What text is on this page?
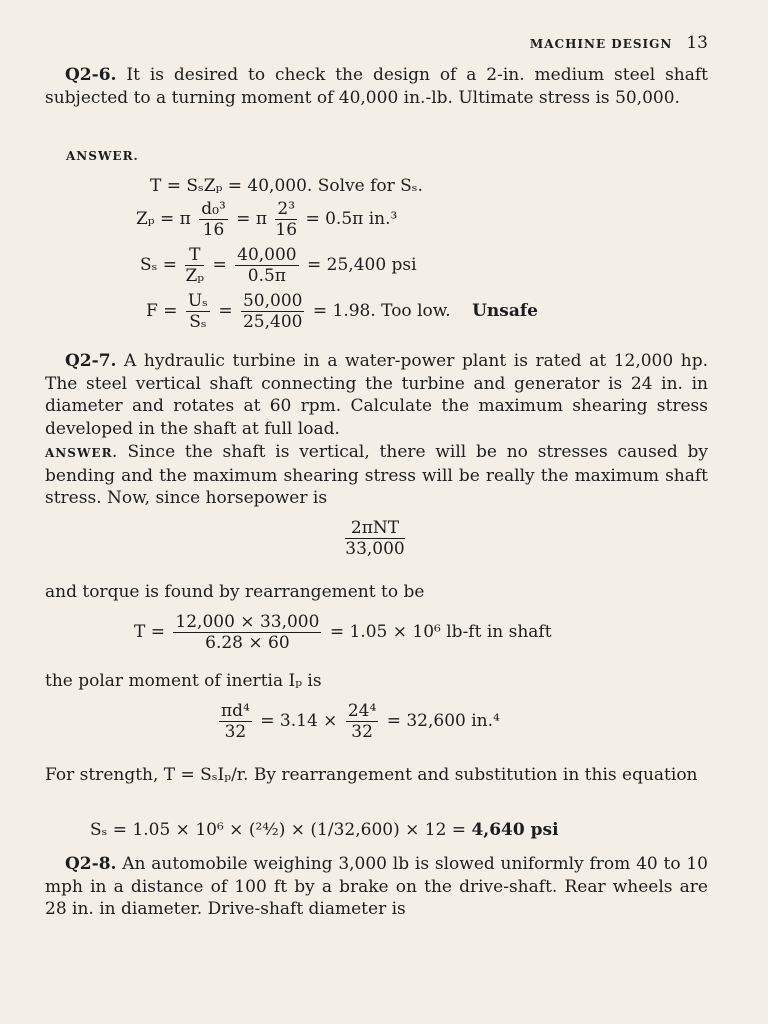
MACHINE DESIGN 13
Q2-6. It is desired to check the design of a 2-in. medium steel shaft subjected to a turning moment of 40,000 in.-lb. Ultimate stress is 50,000.
ANSWER.
T = SₛZₚ = 40,000. Solve for Sₛ.
Zₚ = π $\frac{\text{d₀³}}{16} = \pi \frac{\text{2³}}{16} = 0.5\pi$ in.³
$S_s = \frac{T}{\text{Zₚ}} = \frac{40,000}{0.5\pi} = 25,400$ psi
$F = \frac{\text{Uₛ}}{\text{Sₛ}} = \frac{50,000}{25,400} = 1.98$. Too low. Unsafe
Q2-7. A hydraulic turbine in a water-power plant is rated at 12,000 hp. The steel vertical shaft connecting the turbine and generator is 24 in. in diameter and rotates at 60 rpm. Calculate the maximum shearing stress developed in the shaft at full load.
ANSWER. Since the shaft is vertical, there will be no stresses caused by bending and the maximum shearing stress will be really the maximum shaft stress. Now, since horsepower is
$\frac{\text{2πNT}}{33,000}$
and torque is found by rearrangement to be
$T = \frac{12,000 \times 33,000}{6.28 \times 60} = 1.05 \times 10^6$ lb-ft in shaft
the polar moment of inertia Iₚ is
$\frac{\text{πd⁴}}{32} = 3.14 \times \frac{\text{24⁴}}{32} = 32,600$ in.⁴
For strength, T = SₛIₚ/r. By rearrangement and substitution in this equation
Sₛ = 1.05 × 10⁶ × (²⁴⁄₂) × (1/32,600) × 12 = 4,640 psi
Q2-8. An automobile weighing 3,000 lb is slowed uniformly from 40 to 10 mph in a distance of 100 ft by a brake on the drive-shaft. Rear wheels are 28 in. in diameter. Drive-shaft diameter is
